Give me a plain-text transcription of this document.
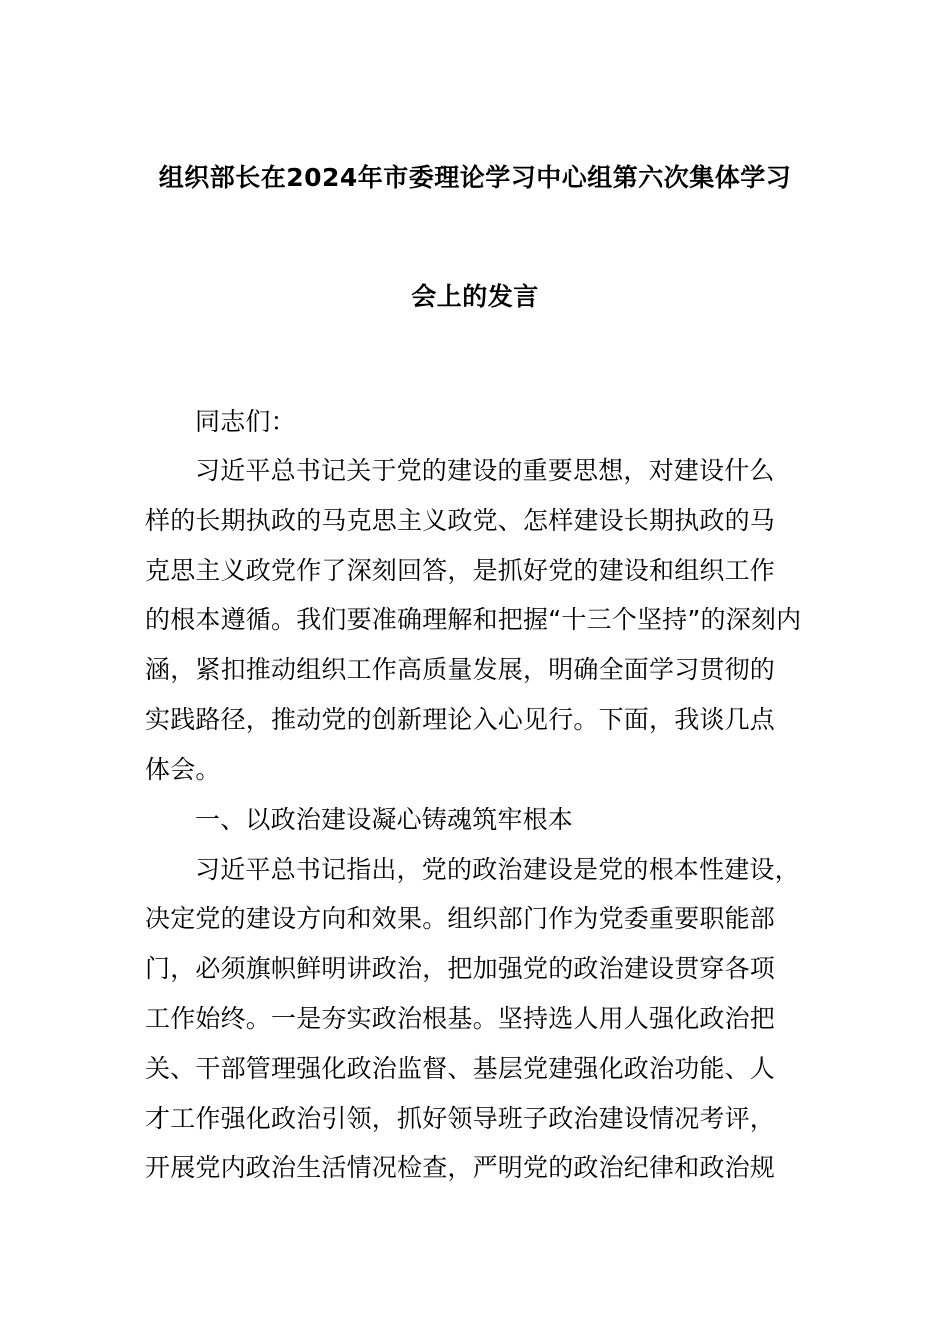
组织部长在2024年市委理论学习中心组第六次集体学习
会上的发言
同志们：
习近平总书记关于党的建设的重要思想，对建设什么
样的长期执政的马克思主义政党、怎样建设长期执政的马
克思主义政党作了深刻回答，是抓好党的建设和组织工作
的根本遵循。我们要准确理解和把握“十三个坚持”的深刻内
涵，紧扣推动组织工作高质量发展，明确全面学习贯彻的
实践路径，推动党的创新理论入心见行。下面，我谈几点
体会。
一、以政治建设凝心铸魂筑牢根本
习近平总书记指出，党的政治建设是党的根本性建设，
决定党的建设方向和效果。组织部门作为党委重要职能部
门，必须旗帜鲜明讲政治，把加强党的政治建设贯穿各项
工作始终。一是夯实政治根基。坚持选人用人强化政治把
关、干部管理强化政治监督、基层党建强化政治功能、人
才工作强化政治引领，抓好领导班子政治建设情况考评，
开展党内政治生活情况检查，严明党的政治纪律和政治规
